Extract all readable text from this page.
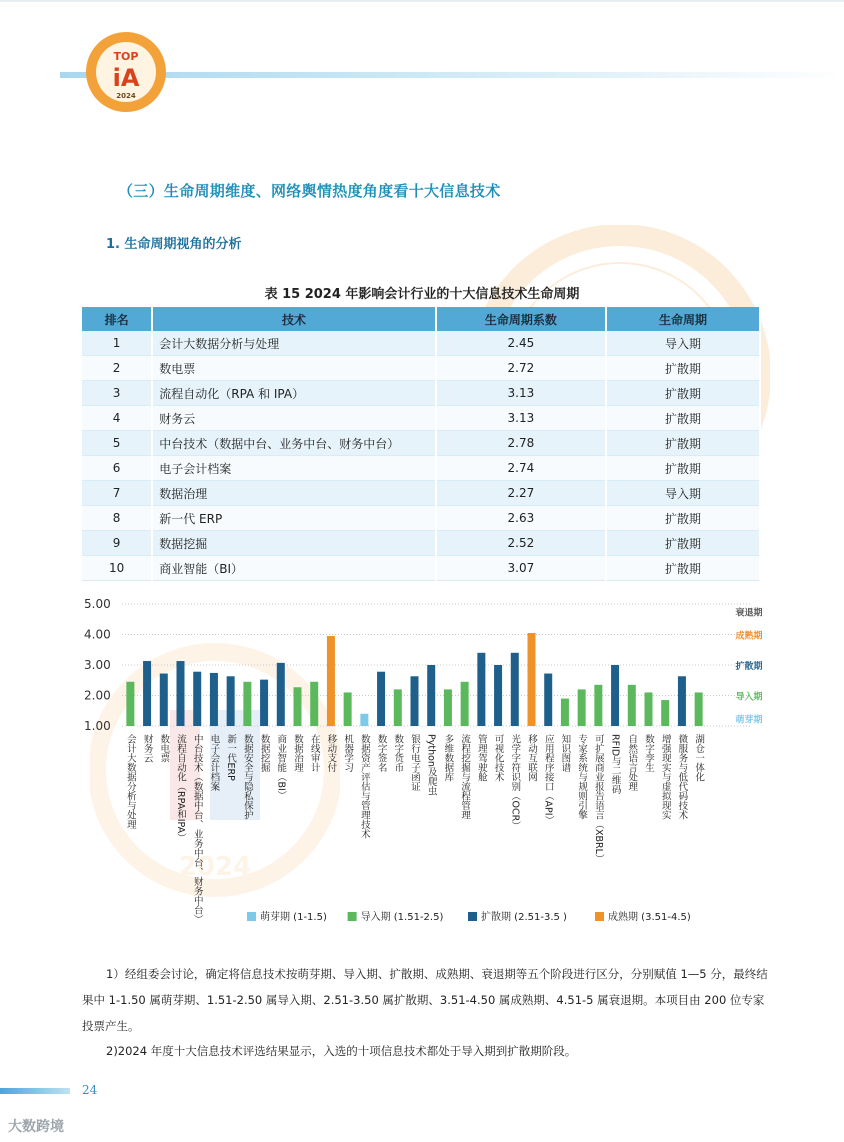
TOP
iA
2024
2024
（三）生命周期维度、网络舆情热度角度看十大信息技术
1. 生命周期视角的分析
表 15 2024 年影响会计行业的十大信息技术生命周期
排名	技术	生命周期系数	生命周期
1	会计大数据分析与处理	2.45	导入期
2	数电票	2.72	扩散期
3	流程自动化（RPA 和 IPA）	3.13	扩散期
4	财务云	3.13	扩散期
5	中台技术（数据中台、业务中台、财务中台）	2.78	扩散期
6	电子会计档案	2.74	扩散期
7	数据治理	2.27	导入期
8	新一代 ERP	2.63	扩散期
9	数据挖掘	2.52	扩散期
10	商业智能（BI）	3.07	扩散期
1.00
2.00
3.00
4.00
5.00
衰退期
成熟期
扩散期
导入期
萌芽期
会计大数据分析与处理 财务云 数电票 流程自动化（RPA和IPA） 中台技术（数据中台、业务中台、财务中台） 电子会计档案 新一代ERP 数据安全与隐私保护 数据挖掘 商业智能（BI） 数据治理 在线审计 移动支付 机器学习 数据资产评估与管理技术 数字签名 数字货币 银行电子函证 Python及爬虫 多维数据库 流程挖掘与流程管理 管理驾驶舱 可视化技术 光学字符识别（OCR） 移动互联网 应用程序接口（API） 知识图谱 专家系统与规则引擎 可扩展商业报告语言（XBRL） RFID与二维码 自然语言处理 数字孪生 增强现实与虚拟现实 微服务与低代码技术 湖仓一体化
萌芽期 (1-1.5)	导入期 (1.51-2.5)	扩散期 (2.51-3.5 )	成熟期 (3.51-4.5)
1）经组委会讨论，确定将信息技术按萌芽期、导入期、扩散期、成熟期、衰退期等五个阶段进行区分，分别赋值 1—5 分，最终结果中 1-1.50 属萌芽期、1.51-2.50 属导入期、2.51-3.50 属扩散期、3.51-4.50 属成熟期、4.51-5 属衰退期。本项目由 200 位专家投票产生。
2)2024 年度十大信息技术评选结果显示，入选的十项信息技术都处于导入期到扩散期阶段。
24
大数跨境
